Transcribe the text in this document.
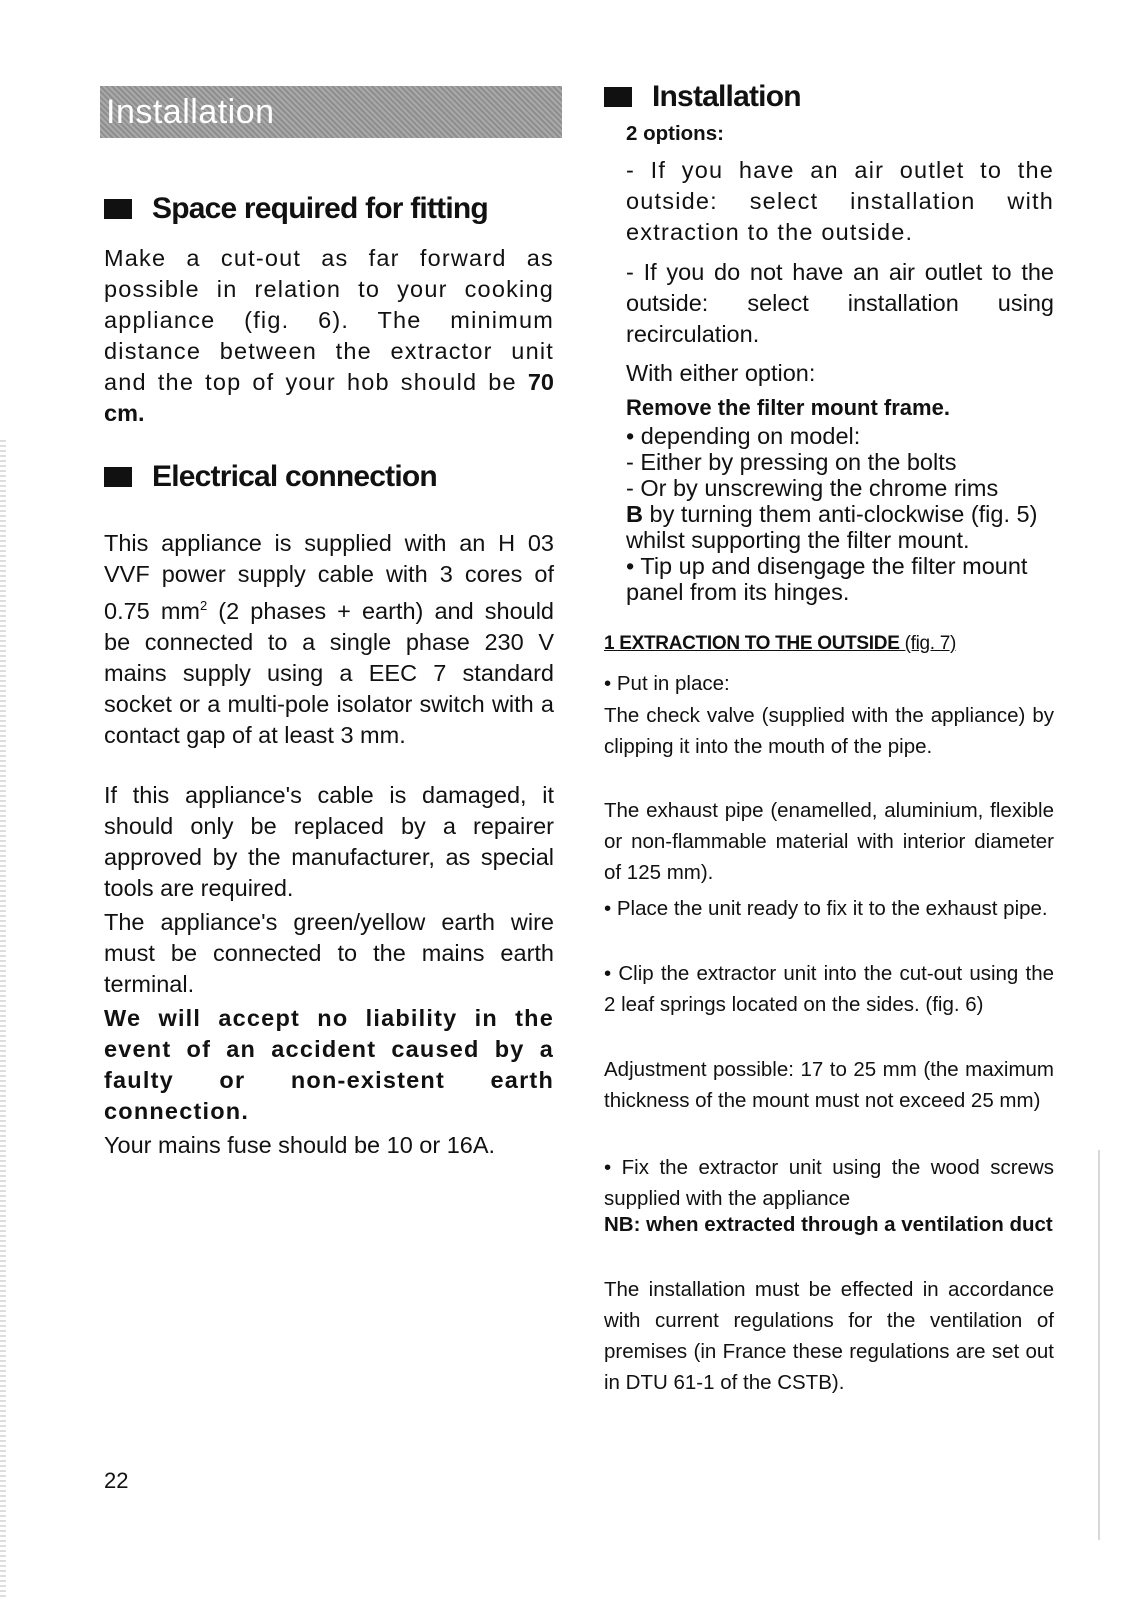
Installation
Space required for fitting

Make a cut-out as far forward as possible in relation to your cooking appliance (fig. 6). The minimum distance between the extractor unit and the top of your hob should be 70 cm.

Electrical connection

This appliance is supplied with an H 03 VVF power supply cable with 3 cores of 0.75 $mm^2$ (2 phases + earth) and should be connected to a single phase 230 V mains supply using a EEC 7 standard socket or a multi-pole isolator switch with a contact gap of at least 3 mm.

If this appliance's cable is damaged, it should only be replaced by a repairer approved by the manufacturer, as special tools are required.

The appliance's green/yellow earth wire must be connected to the mains earth terminal.

We will accept no liability in the event of an accident caused by a faulty or non-existent earth connection.

Your mains fuse should be 10 or 16A.

22
Installation

2 options:

- If you have an air outlet to the outside: select installation with extraction to the outside.

- If you do not have an air outlet to the outside: select installation using recirculation.

With either option:

Remove the filter mount frame.

• depending on model:
- Either by pressing on the bolts
- Or by unscrewing the chrome rims
B by turning them anti-clockwise (fig. 5) whilst supporting the filter mount.
• Tip up and disengage the filter mount panel from its hinges.

1 EXTRACTION TO THE OUTSIDE (fig. 7)

• Put in place:

The check valve (supplied with the appliance) by clipping it into the mouth of the pipe.

The exhaust pipe (enamelled, aluminium, flexible or non-flammable material with interior diameter of 125 mm).

• Place the unit ready to fix it to the exhaust pipe.

• Clip the extractor unit into the cut-out using the 2 leaf springs located on the sides. (fig. 6)

Adjustment possible: 17 to 25 mm (the maximum thickness of the mount must not exceed 25 mm)

• Fix the extractor unit using the wood screws supplied with the appliance

NB: when extracted through a ventilation duct

The installation must be effected in accordance with current regulations for the ventilation of premises (in France these regulations are set out in DTU 61-1 of the CSTB).
